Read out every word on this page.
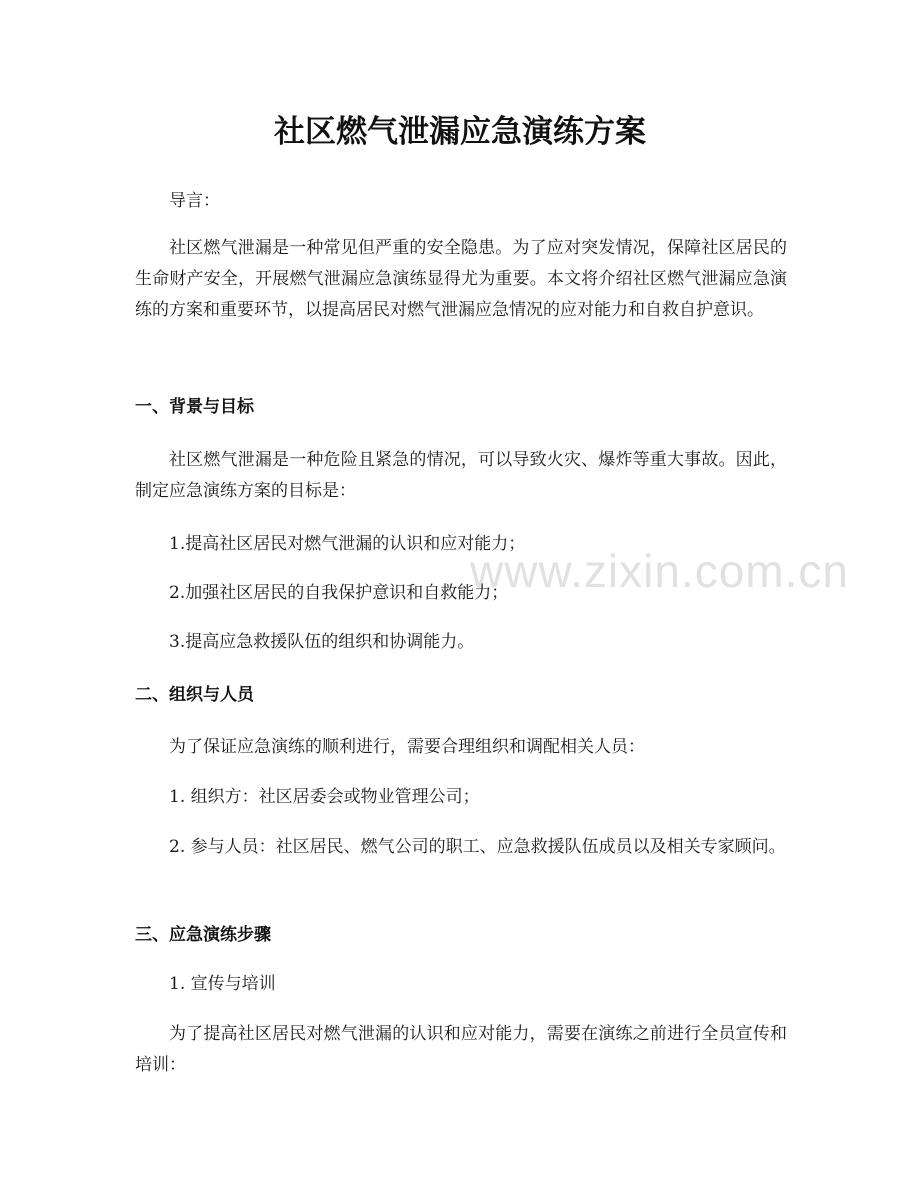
社区燃气泄漏应急演练方案

导言：

社区燃气泄漏是一种常见但严重的安全隐患。为了应对突发情况，保障社区居民的生命财产安全，开展燃气泄漏应急演练显得尤为重要。本文将介绍社区燃气泄漏应急演练的方案和重要环节，以提高居民对燃气泄漏应急情况的应对能力和自救自护意识。

一、背景与目标

社区燃气泄漏是一种危险且紧急的情况，可以导致火灾、爆炸等重大事故。因此，制定应急演练方案的目标是：

1.提高社区居民对燃气泄漏的认识和应对能力；

2.加强社区居民的自我保护意识和自救能力；

3.提高应急救援队伍的组织和协调能力。

二、组织与人员

为了保证应急演练的顺利进行，需要合理组织和调配相关人员：

1. 组织方：社区居委会或物业管理公司；

2. 参与人员：社区居民、燃气公司的职工、应急救援队伍成员以及相关专家顾问。

三、应急演练步骤

1. 宣传与培训

为了提高社区居民对燃气泄漏的认识和应对能力，需要在演练之前进行全员宣传和培训：

www.zixin.com.cn
